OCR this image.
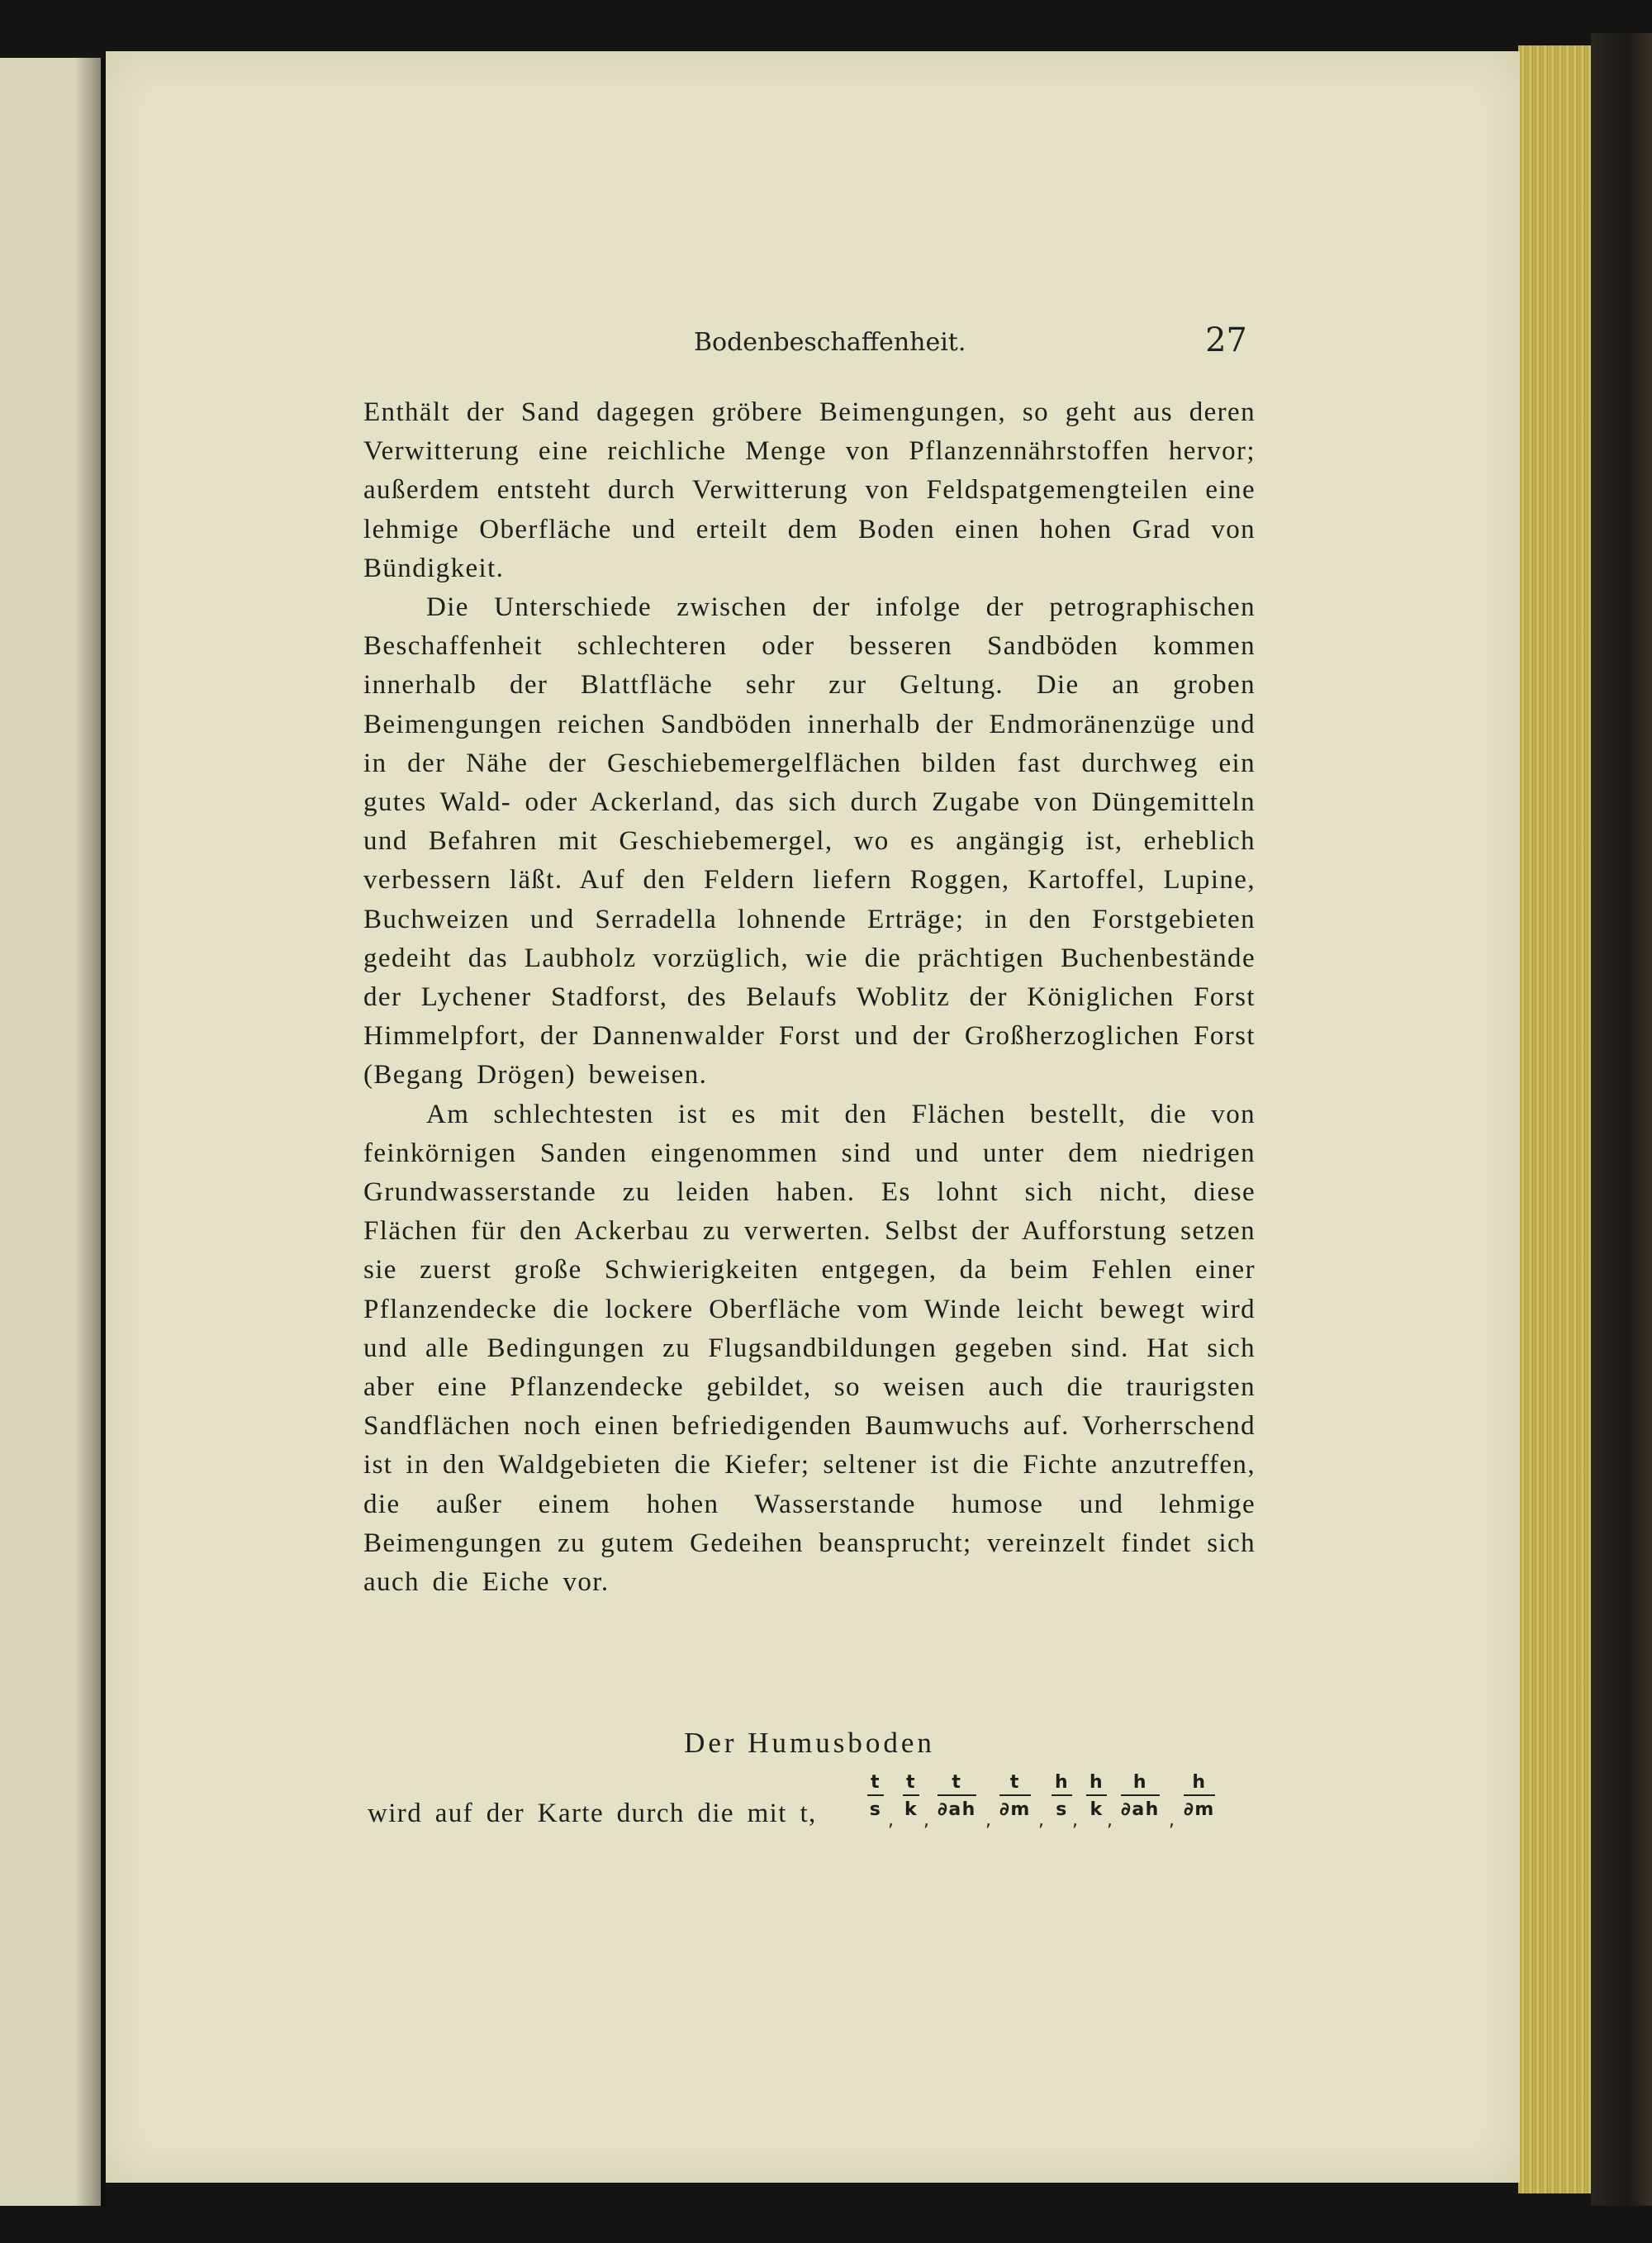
Bodenbeschaffenheit.	27

Enthält der Sand dagegen gröbere Beimengungen, so geht aus deren Verwitterung eine reichliche Menge von Pflanzennährstoffen hervor; außerdem entsteht durch Verwitterung von Feldspatgemengteilen eine lehmige Oberfläche und erteilt dem Boden einen hohen Grad von Bündigkeit.

Die Unterschiede zwischen der infolge der petrographischen Beschaffenheit schlechteren oder besseren Sandböden kommen innerhalb der Blattfläche sehr zur Geltung. Die an groben Beimengungen reichen Sandböden innerhalb der Endmoränenzüge und in der Nähe der Geschiebemergelflächen bilden fast durchweg ein gutes Wald- oder Ackerland, das sich durch Zugabe von Düngemitteln und Befahren mit Geschiebemergel, wo es angängig ist, erheblich verbessern läßt. Auf den Feldern liefern Roggen, Kartoffel, Lupine, Buchweizen und Serradella lohnende Erträge; in den Forstgebieten gedeiht das Laubholz vorzüglich, wie die prächtigen Buchenbestände der Lychener Stadforst, des Belaufs Woblitz der Königlichen Forst Himmelpfort, der Dannenwalder Forst und der Großherzoglichen Forst (Begang Drögen) beweisen.

Am schlechtesten ist es mit den Flächen bestellt, die von feinkörnigen Sanden eingenommen sind und unter dem niedrigen Grundwasserstande zu leiden haben. Es lohnt sich nicht, diese Flächen für den Ackerbau zu verwerten. Selbst der Aufforstung setzen sie zuerst große Schwierigkeiten entgegen, da beim Fehlen einer Pflanzendecke die lockere Oberfläche vom Winde leicht bewegt wird und alle Bedingungen zu Flugsandbildungen gegeben sind. Hat sich aber eine Pflanzendecke gebildet, so weisen auch die traurigsten Sandflächen noch einen befriedigenden Baumwuchs auf. Vorherrschend ist in den Waldgebieten die Kiefer; seltener ist die Fichte anzutreffen, die außer einem hohen Wasserstande humose und lehmige Beimengungen zu gutem Gedeihen beansprucht; vereinzelt findet sich auch die Eiche vor.

Der Humusboden
wird auf der Karte durch die mit t,	$\frac{t}{s}$
,
$\frac{t}{k}$
,
$\frac{t}{\partial ah}$
,
$\frac{t}{\partial m}$
,
$\frac{h}{s}$
,
$\frac{h}{k}$
,
$\frac{h}{\partial ah}$
,
$\frac{h}{\partial m}$
